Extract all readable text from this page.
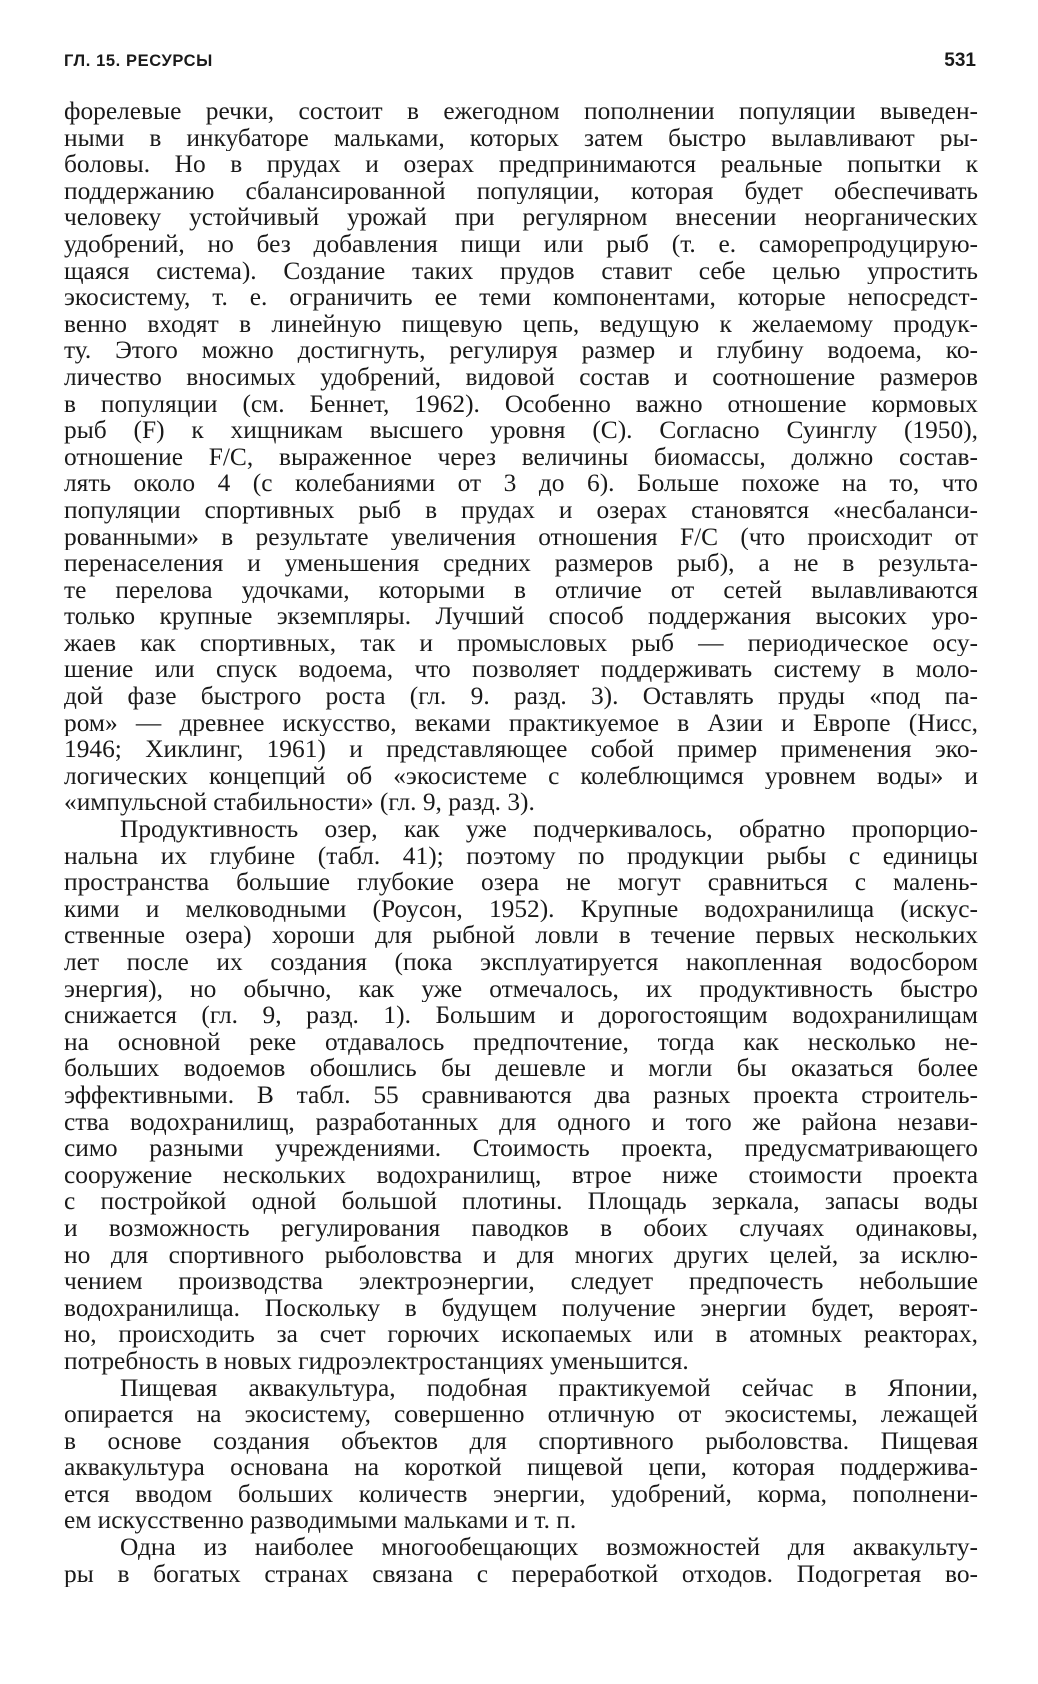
ГЛ. 15. РЕСУРСЫ	531
форелевые речки, состоит в ежегодном пополнении популяции выведен-
ными в инкубаторе мальками, которых затем быстро вылавливают ры-
боловы. Но в прудах и озерах предпринимаются реальные попытки к
поддержанию сбалансированной популяции, которая будет обеспечивать
человеку устойчивый урожай при регулярном внесении неорганических
удобрений, но без добавления пищи или рыб (т. е. саморепродуцирую-
щаяся система). Создание таких прудов ставит себе целью упростить
экосистему, т. е. ограничить ее теми компонентами, которые непосредст-
венно входят в линейную пищевую цепь, ведущую к желаемому продук-
ту. Этого можно достигнуть, регулируя размер и глубину водоема, ко-
личество вносимых удобрений, видовой состав и соотношение размеров
в популяции (см. Беннет, 1962). Особенно важно отношение кормовых
рыб (F) к хищникам высшего уровня (C). Согласно Суинглу (1950),
отношение F/C, выраженное через величины биомассы, должно состав-
лять около 4 (с колебаниями от 3 до 6). Больше похоже на то, что
популяции спортивных рыб в прудах и озерах становятся «несбаланси-
рованными» в результате увеличения отношения F/C (что происходит от
перенаселения и уменьшения средних размеров рыб), а не в результа-
те перелова удочками, которыми в отличие от сетей вылавливаются
только крупные экземпляры. Лучший способ поддержания высоких уро-
жаев как спортивных, так и промысловых рыб — периодическое осу-
шение или спуск водоема, что позволяет поддерживать систему в моло-
дой фазе быстрого роста (гл. 9. разд. 3). Оставлять пруды «под па-
ром» — древнее искусство, веками практикуемое в Азии и Европе (Нисс,
1946; Хиклинг, 1961) и представляющее собой пример применения эко-
логических концепций об «экосистеме с колеблющимся уровнем воды» и
«импульсной стабильности» (гл. 9, разд. 3).
Продуктивность озер, как уже подчеркивалось, обратно пропорцио-
нальна их глубине (табл. 41); поэтому по продукции рыбы с единицы
пространства большие глубокие озера не могут сравниться с малень-
кими и мелководными (Роусон, 1952). Крупные водохранилища (искус-
ственные озера) хороши для рыбной ловли в течение первых нескольких
лет после их создания (пока эксплуатируется накопленная водосбором
энергия), но обычно, как уже отмечалось, их продуктивность быстро
снижается (гл. 9, разд. 1). Большим и дорогостоящим водохранилищам
на основной реке отдавалось предпочтение, тогда как несколько не-
больших водоемов обошлись бы дешевле и могли бы оказаться более
эффективными. В табл. 55 сравниваются два разных проекта строитель-
ства водохранилищ, разработанных для одного и того же района незави-
симо разными учреждениями. Стоимость проекта, предусматривающего
сооружение нескольких водохранилищ, втрое ниже стоимости проекта
с постройкой одной большой плотины. Площадь зеркала, запасы воды
и возможность регулирования паводков в обоих случаях одинаковы,
но для спортивного рыболовства и для многих других целей, за исклю-
чением производства электроэнергии, следует предпочесть небольшие
водохранилища. Поскольку в будущем получение энергии будет, вероят-
но, происходить за счет горючих ископаемых или в атомных реакторах,
потребность в новых гидроэлектростанциях уменьшится.
Пищевая аквакультура, подобная практикуемой сейчас в Японии,
опирается на экосистему, совершенно отличную от экосистемы, лежащей
в основе создания объектов для спортивного рыболовства. Пищевая
аквакультура основана на короткой пищевой цепи, которая поддержива-
ется вводом больших количеств энергии, удобрений, корма, пополнени-
ем искусственно разводимыми мальками и т. п.
Одна из наиболее многообещающих возможностей для аквакульту-
ры в богатых странах связана с переработкой отходов. Подогретая во-
